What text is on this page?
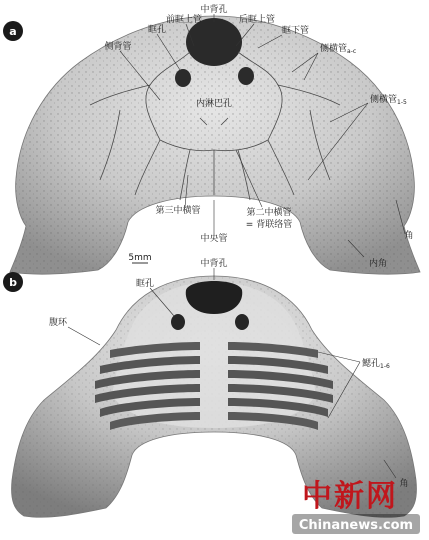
a
中背孔
前眶上管	后眶上管
眶孔	眶下管
侧背管	侧横管$_{a-c}$
内淋巴孔	侧横管$_{1-5}$
第三中横管	第二中横管
= 背联络管
中央管	角
内角
5mm
b
中背孔
眶孔
腹环
鳃孔$_{1-6}$
角
中新网
Chinanews.com
